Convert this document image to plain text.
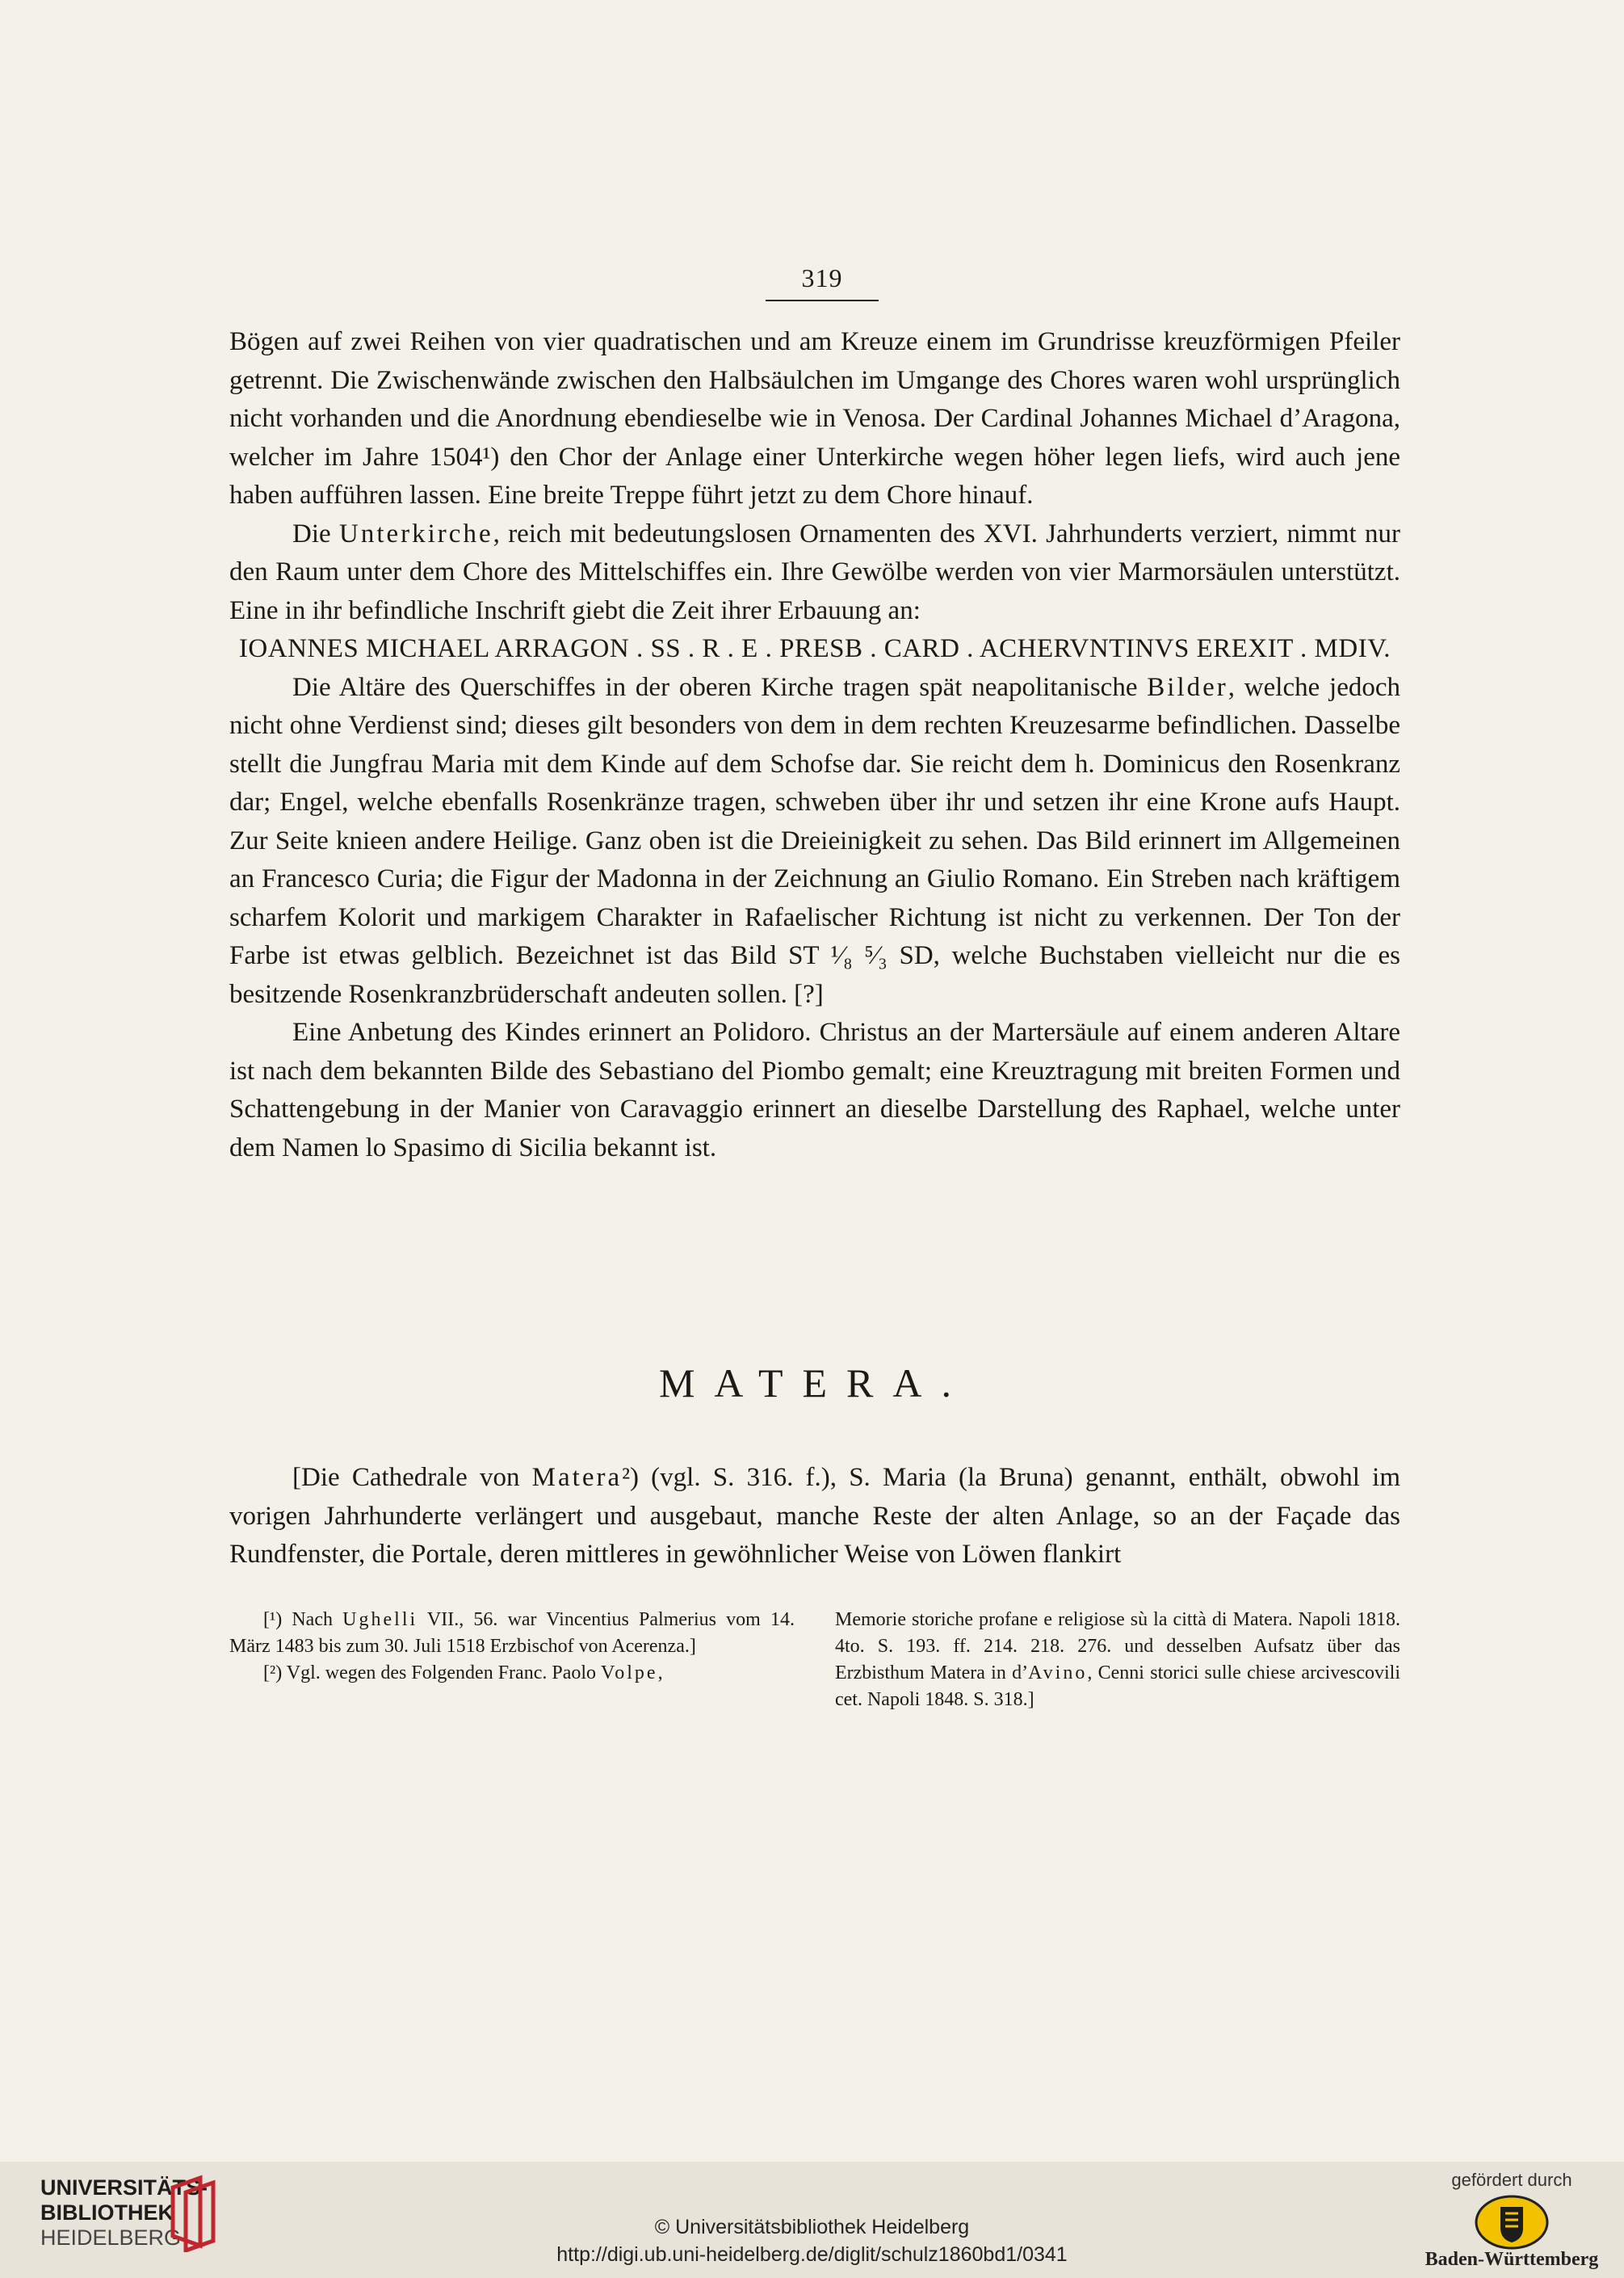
319

Bögen auf zwei Reihen von vier quadratischen und am Kreuze einem im Grundrisse kreuzförmigen Pfeiler getrennt. Die Zwischenwände zwischen den Halbsäulchen im Umgange des Chores waren wohl ursprünglich nicht vorhanden und die Anordnung ebendieselbe wie in Venosa. Der Cardinal Johannes Michael d’Aragona, welcher im Jahre 1504¹) den Chor der Anlage einer Unterkirche wegen höher legen liefs, wird auch jene haben aufführen lassen. Eine breite Treppe führt jetzt zu dem Chore hinauf.

Die Unterkirche, reich mit bedeutungslosen Ornamenten des XVI. Jahrhunderts verziert, nimmt nur den Raum unter dem Chore des Mittelschiffes ein. Ihre Gewölbe werden von vier Marmorsäulen unterstützt. Eine in ihr befindliche Inschrift giebt die Zeit ihrer Erbauung an:

IOANNES MICHAEL ARRAGON . SS . R . E . PRESB . CARD . ACHERVNTINVS EREXIT . MDIV.

Die Altäre des Querschiffes in der oberen Kirche tragen spät neapolitanische Bilder, welche jedoch nicht ohne Verdienst sind; dieses gilt besonders von dem in dem rechten Kreuzesarme befindlichen. Dasselbe stellt die Jungfrau Maria mit dem Kinde auf dem Schofse dar. Sie reicht dem h. Dominicus den Rosenkranz dar; Engel, welche ebenfalls Rosenkränze tragen, schweben über ihr und setzen ihr eine Krone aufs Haupt. Zur Seite knieen andere Heilige. Ganz oben ist die Dreieinigkeit zu sehen. Das Bild erinnert im Allgemeinen an Francesco Curia; die Figur der Madonna in der Zeichnung an Giulio Romano. Ein Streben nach kräftigem scharfem Kolorit und markigem Charakter in Rafaelischer Richtung ist nicht zu verkennen. Der Ton der Farbe ist etwas gelblich. Bezeichnet ist das Bild ST ¹⁄₈ ⁵⁄₃ SD, welche Buchstaben vielleicht nur die es besitzende Rosenkranzbrüderschaft andeuten sollen. [?]

Eine Anbetung des Kindes erinnert an Polidoro. Christus an der Martersäule auf einem anderen Altare ist nach dem bekannten Bilde des Sebastiano del Piombo gemalt; eine Kreuztragung mit breiten Formen und Schattengebung in der Manier von Caravaggio erinnert an dieselbe Darstellung des Raphael, welche unter dem Namen lo Spasimo di Sicilia bekannt ist.

MATERA.

[Die Cathedrale von Matera²) (vgl. S. 316. f.), S. Maria (la Bruna) genannt, enthält, obwohl im vorigen Jahrhunderte verlängert und ausgebaut, manche Reste der alten Anlage, so an der Façade das Rundfenster, die Portale, deren mittleres in gewöhnlicher Weise von Löwen flankirt

[¹) Nach Ughelli VII., 56. war Vincentius Palmerius vom 14. März 1483 bis zum 30. Juli 1518 Erzbischof von Acerenza.]

[²) Vgl. wegen des Folgenden Franc. Paolo Volpe,

Memorie storiche profane e religiose sù la città di Matera. Napoli 1818. 4to. S. 193. ff. 214. 218. 276. und desselben Aufsatz über das Erzbisthum Matera in d’Avino, Cenni storici sulle chiese arcivescovili cet. Napoli 1848. S. 318.]

UNIVERSITÄTS-
BIBLIOTHEK
HEIDELBERG	© Universitätsbibliothek Heidelberg
http://digi.ub.uni-heidelberg.de/diglit/schulz1860bd1/0341
gefördert durch
Baden-Württemberg
